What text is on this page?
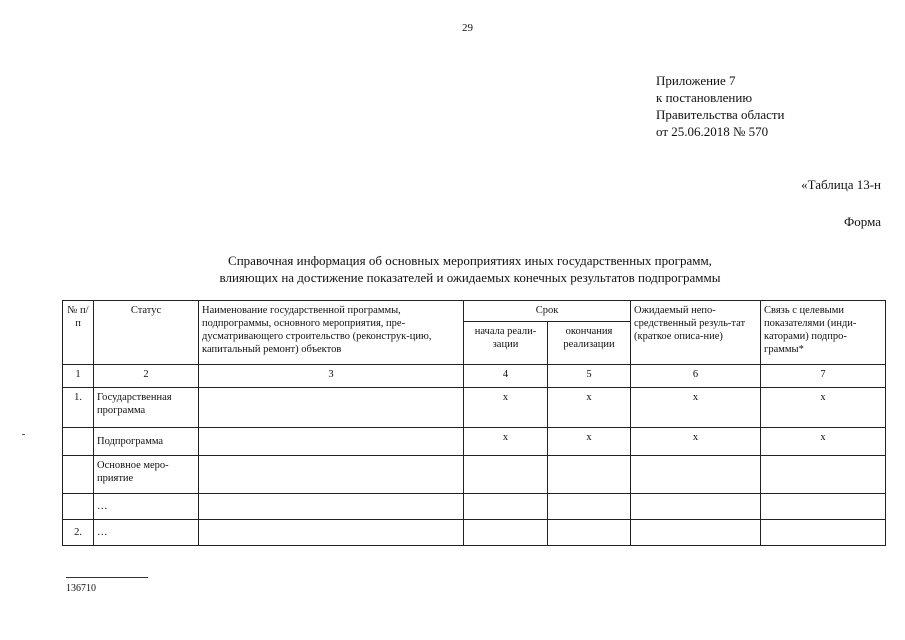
29
Приложение 7
к постановлению
Правительства области
от 25.06.2018 № 570
«Таблица 13-н
Форма
Справочная информация об основных мероприятиях иных государственных программ,
влияющих на достижение показателей и ожидаемых конечных результатов подпрограммы
№ п/п	Статус	Наименование государственной программы, подпрограммы, основного мероприятия, пре-дусматривающего строительство (реконструк-цию, капитальный ремонт) объектов	Срок		Ожидаемый непо-средственный резуль-тат (краткое описа-ние)	Связь с целевыми показателями (инди-каторами) подпро-граммы*
			начала реали-зации	окончания реализации		
1	2	3	4	5	6	7
1.	Государственная программа		x	x	x	x
	Подпрограмма		x	x	x	x
	Основное меро-приятие					
	…					
2.	…					
136710
